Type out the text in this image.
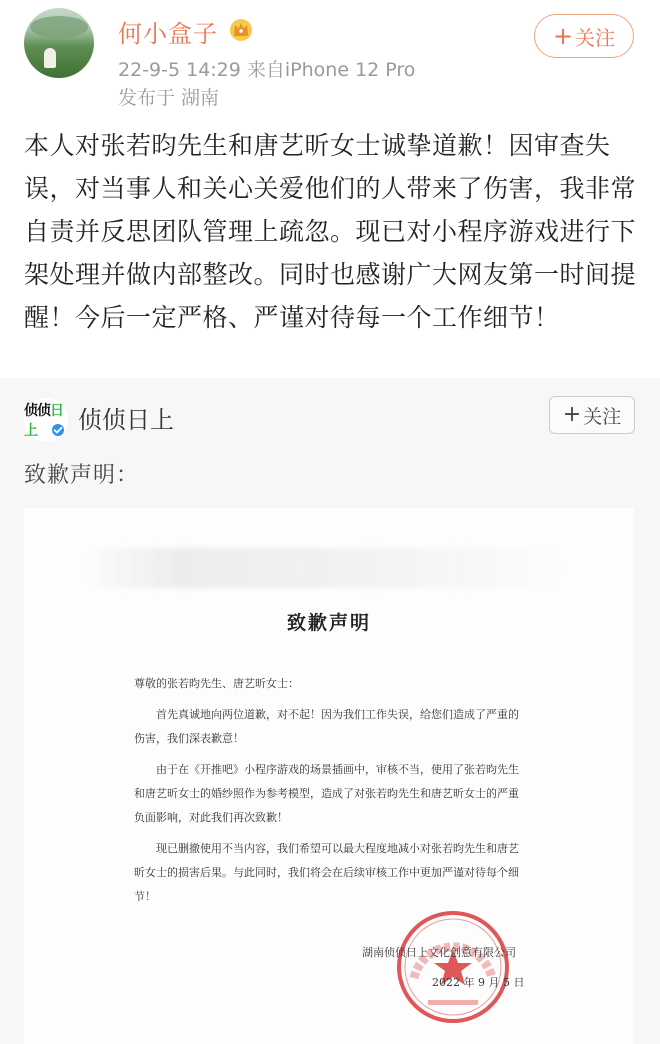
何小盒子
22-9-5 14:29 来自iPhone 12 Pro
发布于 湖南
+ 关注
本人对张若昀先生和唐艺昕女士诚挚道歉！因审查失误，对当事人和关心关爱他们的人带来了伤害，我非常自责并反思团队管理上疏忽。现已对小程序游戏进行下架处理并做内部整改。同时也感谢广大网友第一时间提醒！今后一定严格、严谨对待每一个工作细节！
侦侦日上	侦侦日上	+ 关注
致歉声明：
致歉声明

尊敬的张若昀先生、唐艺昕女士：

首先真诚地向两位道歉，对不起！因为我们工作失误，给您们造成了严重的伤害，我们深表歉意！

由于在《开推吧》小程序游戏的场景插画中，审核不当，使用了张若昀先生和唐艺昕女士的婚纱照作为参考模型，造成了对张若昀先生和唐艺昕女士的严重负面影响，对此我们再次致歉！

现已删撤使用不当内容，我们希望可以最大程度地减小对张若昀先生和唐艺昕女士的损害后果。与此同时，我们将会在后续审核工作中更加严谨对待每个细节！

湖南侦侦日上文化创意有限公司
2022 年 9 月 5 日
